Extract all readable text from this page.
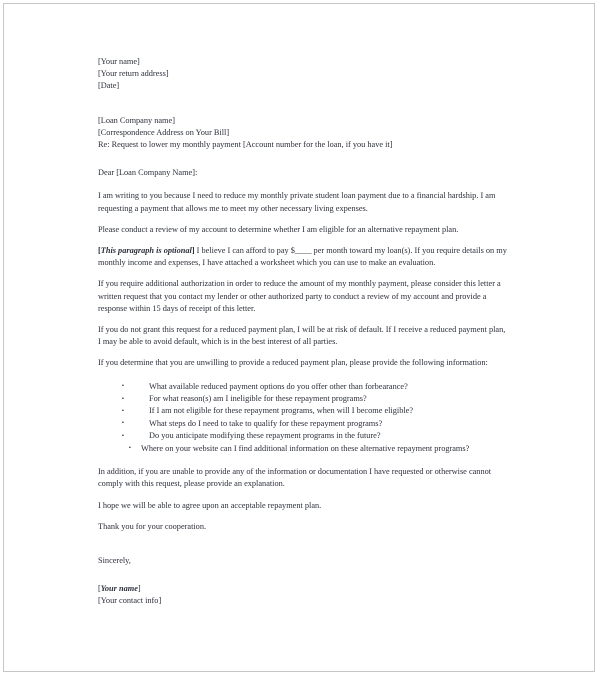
[Your name]
[Your return address]
[Date]
[Loan Company name]
[Correspondence Address on Your Bill]
Re: Request to lower my monthly payment [Account number for the loan, if you have it]

Dear [Loan Company Name]:

I am writing to you because I need to reduce my monthly private student loan payment due to a financial hardship. I am requesting a payment that allows me to meet my other necessary living expenses.

Please conduct a review of my account to determine whether I am eligible for an alternative repayment plan.

[This paragraph is optional] I believe I can afford to pay $____ per month toward my loan(s). If you require details on my monthly income and expenses, I have attached a worksheet which you can use to make an evaluation.

If you require additional authorization in order to reduce the amount of my monthly payment, please consider this letter a written request that you contact my lender or other authorized party to conduct a review of my account and provide a response within 15 days of receipt of this letter.

If you do not grant this request for a reduced payment plan, I will be at risk of default. If I receive a reduced payment plan, I may be able to avoid default, which is in the best interest of all parties.

If you determine that you are unwilling to provide a reduced payment plan, please provide the following information:

▪ What available reduced payment options do you offer other than forbearance?
▪ For what reason(s) am I ineligible for these repayment programs?
▪ If I am not eligible for these repayment programs, when will I become eligible?
▪ What steps do I need to take to qualify for these repayment programs?
▪ Do you anticipate modifying these repayment programs in the future?
▪ Where on your website can I find additional information on these alternative repayment programs?

In addition, if you are unable to provide any of the information or documentation I have requested or otherwise cannot comply with this request, please provide an explanation.

I hope we will be able to agree upon an acceptable repayment plan.

Thank you for your cooperation.

Sincerely,

[Your name]
[Your contact info]
